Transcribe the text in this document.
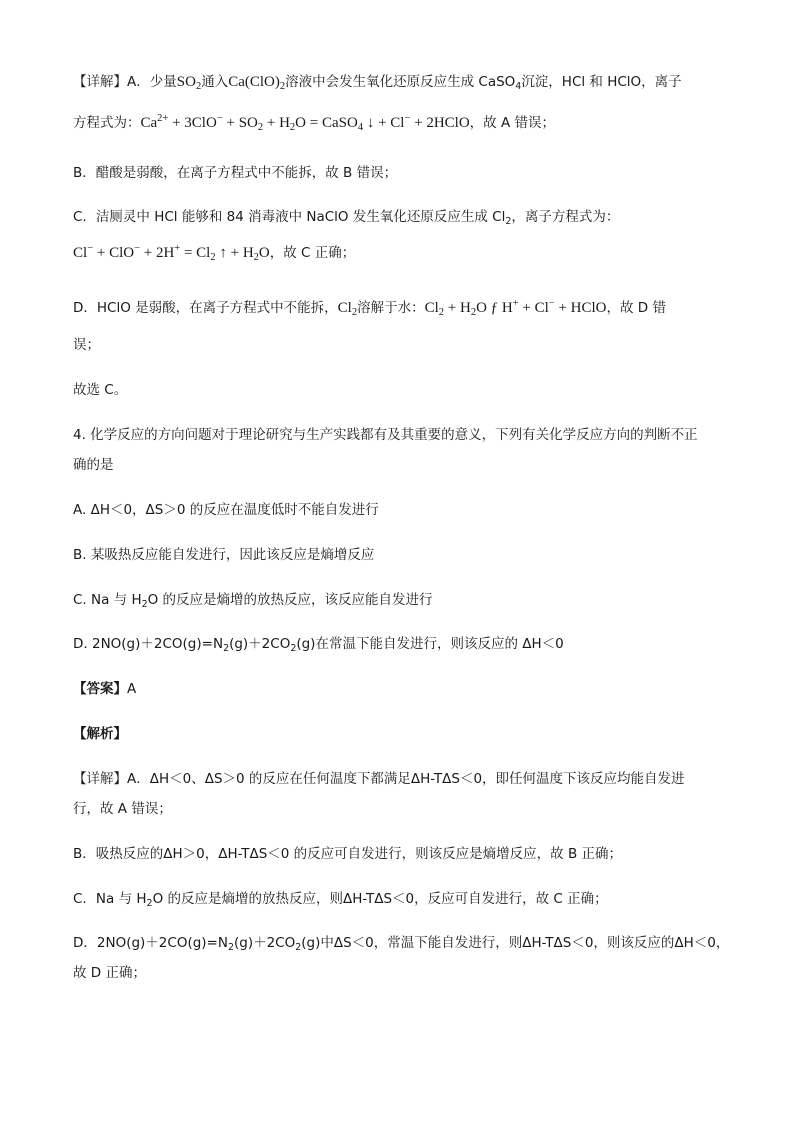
【详解】A．少量$SO_2$通入$Ca(ClO)_2$溶液中会发生氧化还原反应生成 CaSO$_4$沉淀，HCl 和 HClO，离子
方程式为：$Ca^{2+} + 3ClO^- + SO_2 + H_2O$ = CaSO$_4$ ↓ + Cl− + 2HClO，故 A 错误；
B．醋酸是弱酸，在离子方程式中不能拆，故 B 错误；
C．洁厕灵中 HCl 能够和 84 消毒液中 NaClO 发生氧化还原反应生成 $Cl_2$，离子方程式为：
$Cl^- + ClO^- + 2H^+ = Cl_2$ ↑ + $H_2O$，故 C 正确；
D．HClO 是弱酸，在离子方程式中不能拆，$Cl_2$溶解于水：$Cl_2 + H_2O$ ƒ H+ + Cl− + HClO，故 D 错
误；
故选 C。
4. 化学反应的方向问题对于理论研究与生产实践都有及其重要的意义，下列有关化学反应方向的判断不正
确的是
A. ΔH＜0，ΔS＞0 的反应在温度低时不能自发进行
B. 某吸热反应能自发进行，因此该反应是熵增反应
C. Na 与 $H_2O$ 的反应是熵增的放热反应，该反应能自发进行
D. $2NO(g)+2CO(g)=N_2(g)+2CO_2(g)$在常温下能自发进行，则该反应的 ΔH＜0
【答案】A
【解析】
【详解】A．ΔH＜0、ΔS＞0 的反应在任何温度下都满足ΔH-TΔS＜0，即任何温度下该反应均能自发进
行，故 A 错误；
B．吸热反应的ΔH＞0，ΔH-TΔS＜0 的反应可自发进行，则该反应是熵增反应，故 B 正确；
C．Na 与 $H_2O$ 的反应是熵增的放热反应，则ΔH-TΔS＜0，反应可自发进行，故 C 正确；
D．$2NO(g)+2CO(g)=N_2(g)+2CO_2(g)$中ΔS＜0，常温下能自发进行，则ΔH-TΔS＜0，则该反应的ΔH＜0，
故 D 正确；
